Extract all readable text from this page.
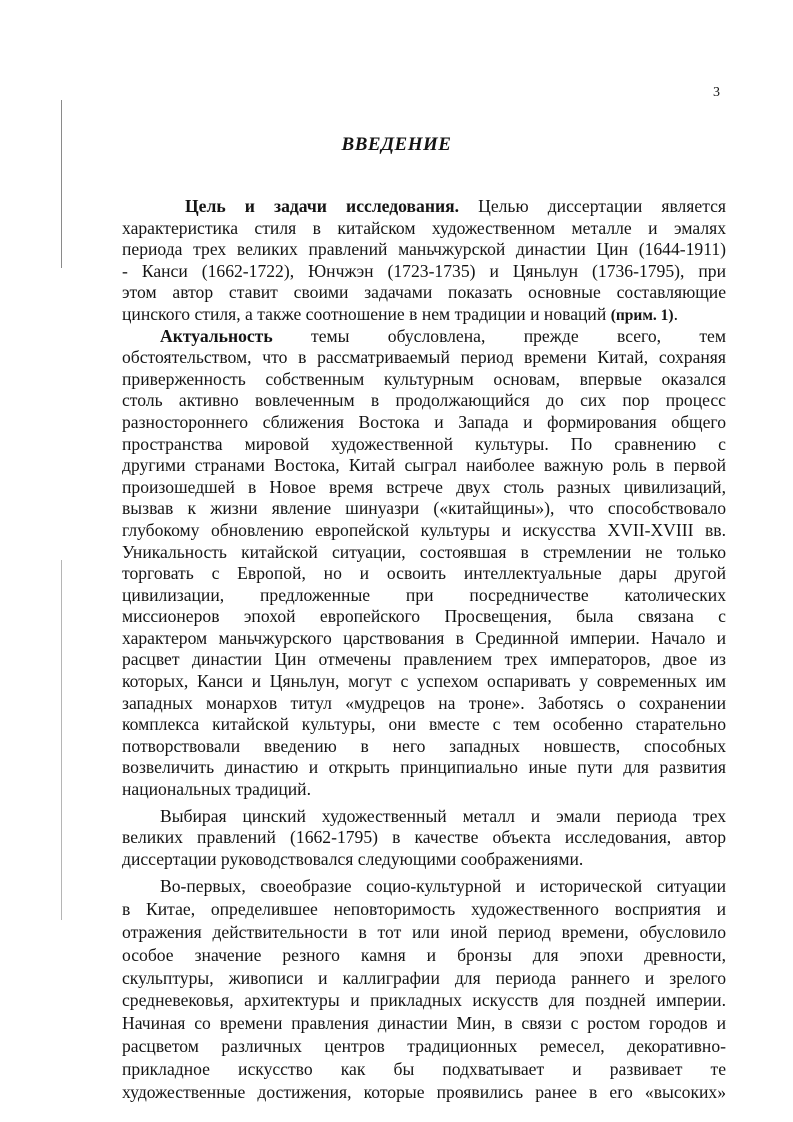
3
ВВЕДЕНИЕ
Цель и задачи исследования. Целью диссертации является
характеристика стиля в китайском художественном металле и эмалях
периода трех великих правлений маньчжурской династии Цин (1644-1911)
- Канси (1662-1722), Юнчжэн (1723-1735) и Цяньлун (1736-1795), при
этом автор ставит своими задачами показать основные составляющие
цинского стиля, а также соотношение в нем традиции и новаций (прим. 1).
Актуальность темы обусловлена, прежде всего, тем
обстоятельством, что в рассматриваемый период времени Китай, сохраняя
приверженность собственным культурным основам, впервые оказался
столь активно вовлеченным в продолжающийся до сих пор процесс
разностороннего сближения Востока и Запада и формирования общего
пространства мировой художественной культуры. По сравнению с
другими странами Востока, Китай сыграл наиболее важную роль в первой
произошедшей в Новое время встрече двух столь разных цивилизаций,
вызвав к жизни явление шинуазри («китайщины»), что способствовало
глубокому обновлению европейской культуры и искусства XVII-XVIII вв.
Уникальность китайской ситуации, состоявшая в стремлении не только
торговать с Европой, но и освоить интеллектуальные дары другой
цивилизации, предложенные при посредничестве католических
миссионеров эпохой европейского Просвещения, была связана с
характером маньчжурского царствования в Срединной империи. Начало и
расцвет династии Цин отмечены правлением трех императоров, двое из
которых, Канси и Цяньлун, могут с успехом оспаривать у современных им
западных монархов титул «мудрецов на троне». Заботясь о сохранении
комплекса китайской культуры, они вместе с тем особенно старательно
потворствовали введению в него западных новшеств, способных
возвеличить династию и открыть принципиально иные пути для развития
национальных традиций.
Выбирая цинский художественный металл и эмали периода трех
великих правлений (1662-1795) в качестве объекта исследования, автор
диссертации руководствовался следующими соображениями.
Во-первых, своеобразие социо-культурной и исторической ситуации
в Китае, определившее неповторимость художественного восприятия и
отражения действительности в тот или иной период времени, обусловило
особое значение резного камня и бронзы для эпохи древности,
скульптуры, живописи и каллиграфии для периода раннего и зрелого
средневековья, архитектуры и прикладных искусств для поздней империи.
Начиная со времени правления династии Мин, в связи с ростом городов и
расцветом различных центров традиционных ремесел, декоративно-
прикладное искусство как бы подхватывает и развивает те
художественные достижения, которые проявились ранее в его «высоких»
